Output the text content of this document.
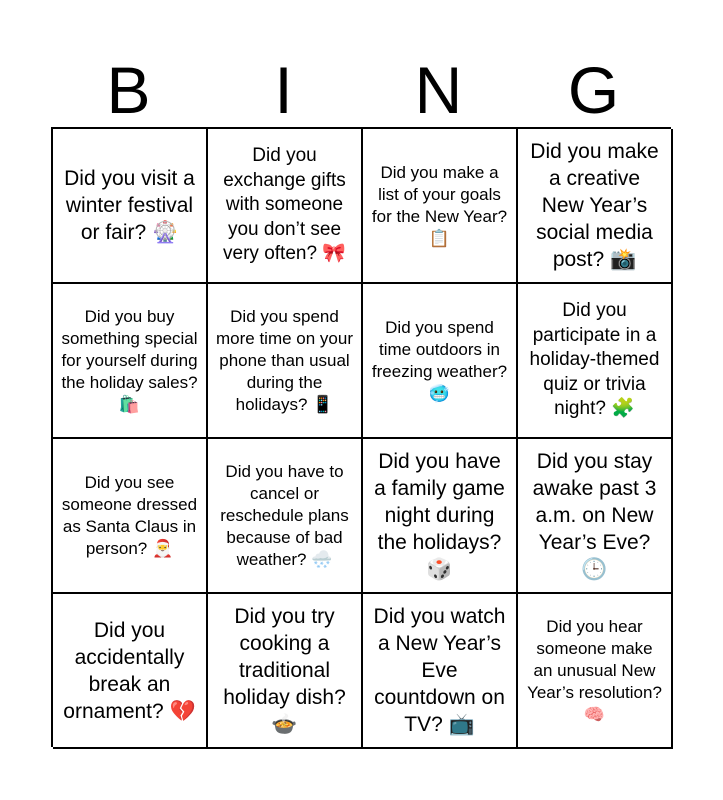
B	I	N	G
Did you visit a winter festival or fair? 🎡
Did you exchange gifts with someone you don’t see very often? 🎀
Did you make a list of your goals for the New Year? 📋
Did you make a creative New Year’s social media post? 📸
Did you buy something special for yourself during the holiday sales? 🛍️
Did you spend more time on your phone than usual during the holidays? 📱
Did you spend time outdoors in freezing weather? 🥶
Did you participate in a holiday-themed quiz or trivia night? 🧩
Did you see someone dressed as Santa Claus in person? 🎅
Did you have to cancel or reschedule plans because of bad weather? 🌨️
Did you have a family game night during the holidays? 🎲
Did you stay awake past 3 a.m. on New Year’s Eve? 🕒
Did you accidentally break an ornament? 💔
Did you try cooking a traditional holiday dish? 🍲
Did you watch a New Year’s Eve countdown on TV? 📺
Did you hear someone make an unusual New Year’s resolution? 🧠
